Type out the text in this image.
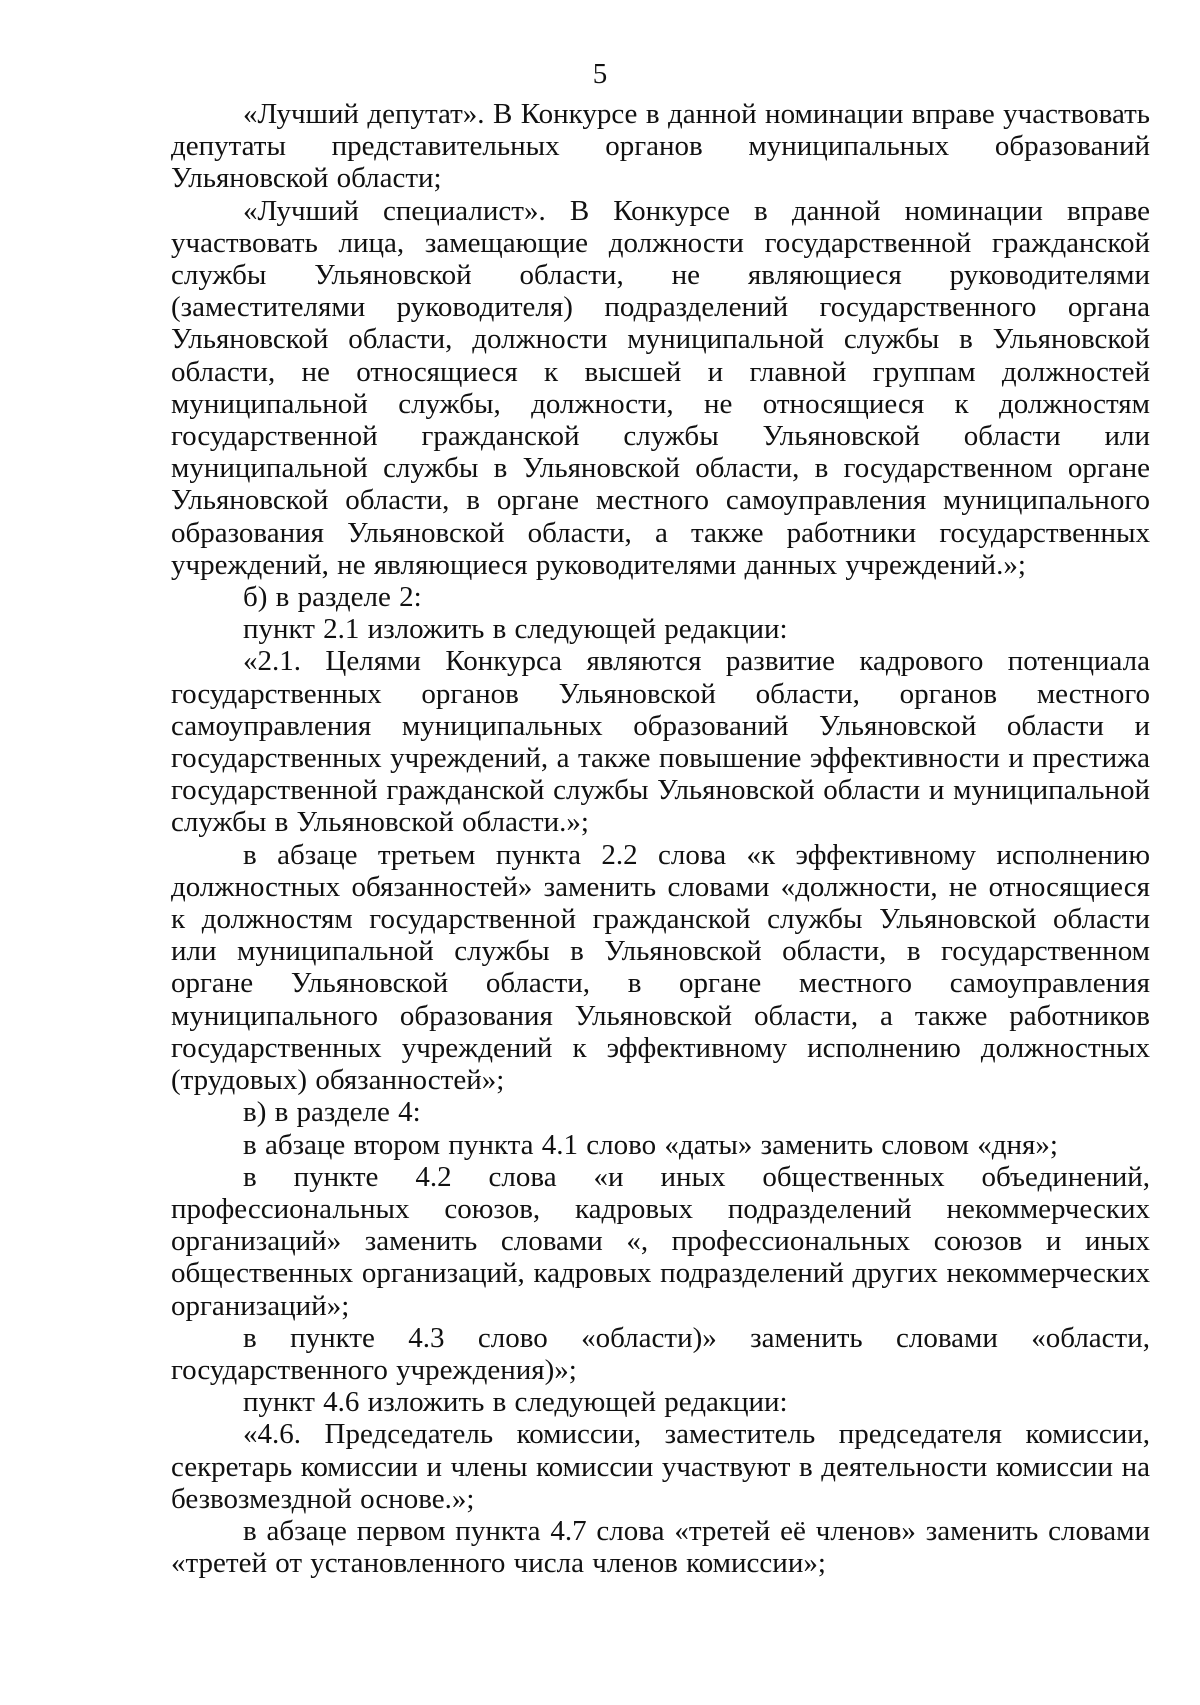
5

«Лучший депутат». В Конкурсе в данной номинации вправе участвовать депутаты представительных органов муниципальных образований Ульяновской области;

«Лучший специалист». В Конкурсе в данной номинации вправе участвовать лица, замещающие должности государственной гражданской службы Ульяновской области, не являющиеся руководителями (заместителями руководителя) подразделений государственного органа Ульяновской области, должности муниципальной службы в Ульяновской области, не относящиеся к высшей и главной группам должностей муниципальной службы, должности, не относящиеся к должностям государственной гражданской службы Ульяновской области или муниципальной службы в Ульяновской области, в государственном органе Ульяновской области, в органе местного самоуправления муниципального образования Ульяновской области, а также работники государственных учреждений, не являющиеся руководителями данных учреждений.»;

б) в разделе 2:

пункт 2.1 изложить в следующей редакции:

«2.1. Целями Конкурса являются развитие кадрового потенциала государственных органов Ульяновской области, органов местного самоуправления муниципальных образований Ульяновской области и государственных учреждений, а также повышение эффективности и престижа государственной гражданской службы Ульяновской области и муниципальной службы в Ульяновской области.»;

в абзаце третьем пункта 2.2 слова «к эффективному исполнению должностных обязанностей» заменить словами «должности, не относящиеся к должностям государственной гражданской службы Ульяновской области или муниципальной службы в Ульяновской области, в государственном органе Ульяновской области, в органе местного самоуправления муниципального образования Ульяновской области, а также работников государственных учреждений к эффективному исполнению должностных (трудовых) обязанностей»;

в) в разделе 4:

в абзаце втором пункта 4.1 слово «даты» заменить словом «дня»;

в пункте 4.2 слова «и иных общественных объединений, профессиональных союзов, кадровых подразделений некоммерческих организаций» заменить словами «, профессиональных союзов и иных общественных организаций, кадровых подразделений других некоммерческих организаций»;

в пункте 4.3 слово «области)» заменить словами «области, государственного учреждения)»;

пункт 4.6 изложить в следующей редакции:

«4.6. Председатель комиссии, заместитель председателя комиссии, секретарь комиссии и члены комиссии участвуют в деятельности комиссии на безвозмездной основе.»;

в абзаце первом пункта 4.7 слова «третей её членов» заменить словами «третей от установленного числа членов комиссии»;
